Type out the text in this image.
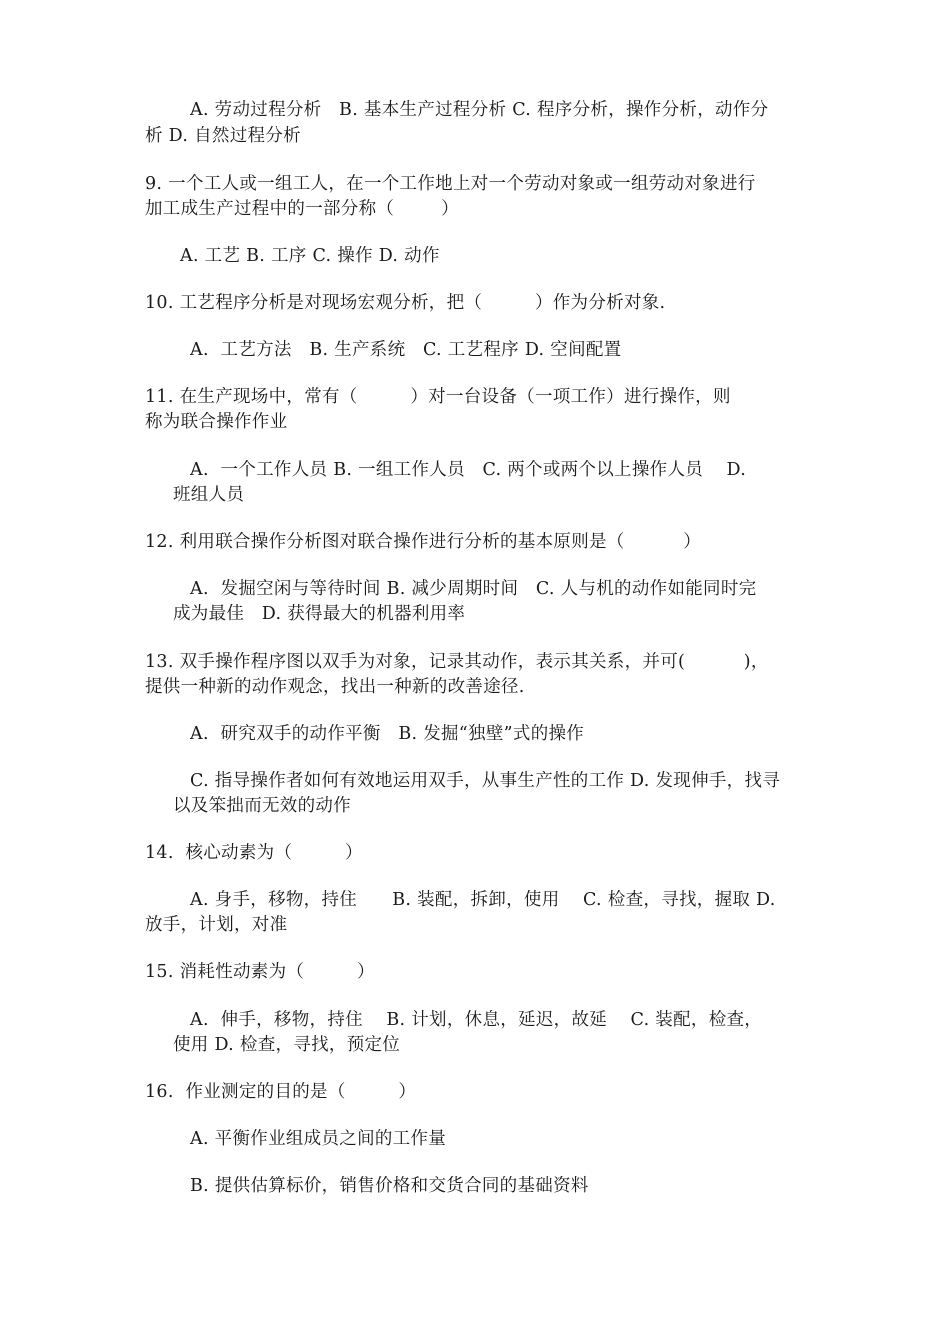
A. 劳动过程分析   B. 基本生产过程分析 C. 程序分析，操作分析，动作分
析 D. 自然过程分析
9. 一个工人或一组工人，在一个工作地上对一个劳动对象或一组劳动对象进行
加工成生产过程中的一部分称（        ）
A. 工艺 B. 工序 C. 操作 D. 动作
10. 工艺程序分析是对现场宏观分析，把（         ）作为分析对象.
A.  工艺方法   B. 生产系统   C. 工艺程序 D. 空间配置
11. 在生产现场中，常有（         ）对一台设备（一项工作）进行操作，则
称为联合操作作业
A.  一个工作人员 B. 一组工作人员   C. 两个或两个以上操作人员    D.
班组人员
12. 利用联合操作分析图对联合操作进行分析的基本原则是（          ）
A.  发掘空闲与等待时间 B. 减少周期时间   C. 人与机的动作如能同时完
成为最佳   D. 获得最大的机器利用率
13. 双手操作程序图以双手为对象，记录其动作，表示其关系，并可(          )，
提供一种新的动作观念，找出一种新的改善途径.
A.  研究双手的动作平衡   B. 发掘“独壁”式的操作
C. 指导操作者如何有效地运用双手，从事生产性的工作 D. 发现伸手，找寻
以及笨拙而无效的动作
14.  核心动素为（         ）
A. 身手，移物，持住      B. 装配，拆卸，使用    C. 检查，寻找，握取 D.
放手，计划，对准
15. 消耗性动素为（         ）
A.  伸手，移物，持住    B. 计划，休息，延迟，故延    C. 装配，检查，
使用 D. 检查，寻找，预定位
16.  作业测定的目的是（         ）
A. 平衡作业组成员之间的工作量
B. 提供估算标价，销售价格和交货合同的基础资料
